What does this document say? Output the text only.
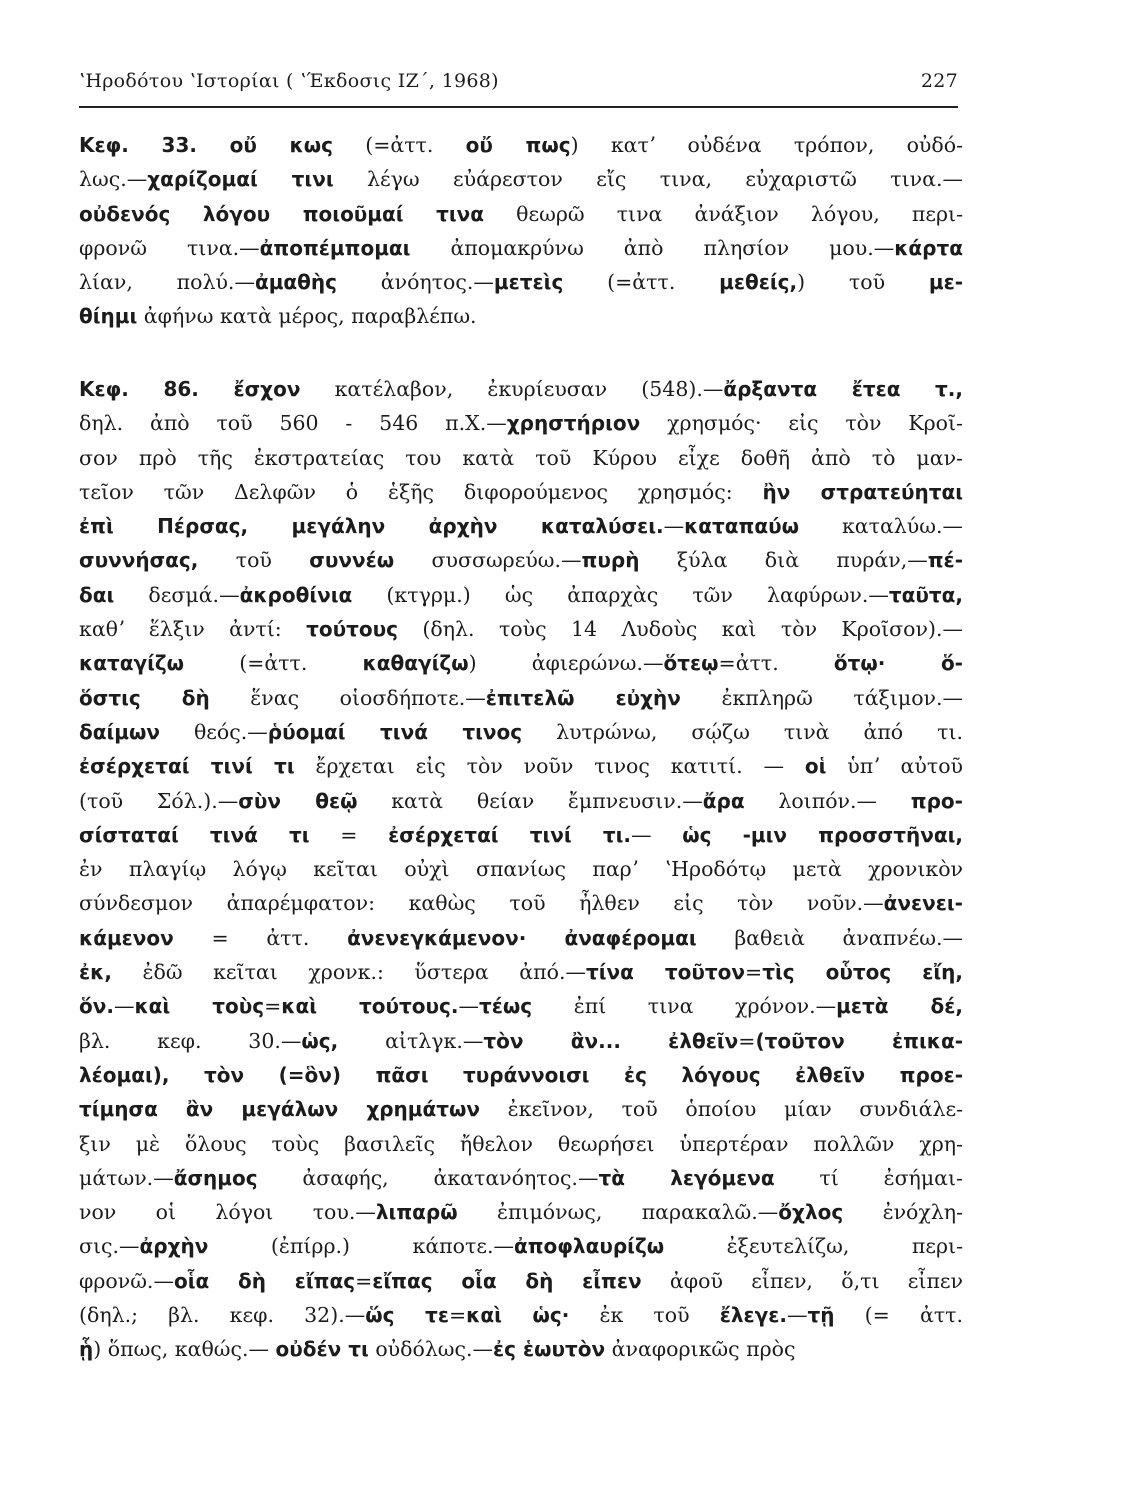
ʽΗροδότου ʽΙστορίαι ( ʽΈκδοσις ΙΖ΄, 1968)	227
Κεφ. 33. οὔ κως (=ἀττ. οὔ πως) κατʼ οὐδένα τρόπον, οὐδό-
λως.—χαρίζομαί τινι λέγω εὐάρεστον εἴς τινα, εὐχαριστῶ τινα.—
οὐδενός λόγου ποιοῦμαί τινα θεωρῶ τινα ἀνάξιον λόγου, περι-
φρονῶ τινα.—ἀποπέμπομαι ἀπομακρύνω ἀπὸ πλησίον μου.—κάρτα
λίαν, πολύ.—ἀμαθὴς ἀνόητος.—μετεὶς (=ἀττ. μεθείς,) τοῦ με-
θίημι ἀφήνω κατὰ μέρος, παραβλέπω.
Κεφ. 86. ἔσχον κατέλαβον, ἐκυρίευσαν (548).—ἄρξαντα ἔτεα τ.,
δηλ. ἀπὸ τοῦ 560 - 546 π.Χ.—χρηστήριον χρησμός· εἰς τὸν Κροῖ-
σον πρὸ τῆς ἐκστρατείας του κατὰ τοῦ Κύρου εἶχε δοθῆ ἀπὸ τὸ μαν-
τεῖον τῶν Δελφῶν ὁ ἑξῆς διφορούμενος χρησμός: ἢν στρατεύηται
ἐπὶ Πέρσας, μεγάλην ἀρχὴν καταλύσει.—καταπαύω καταλύω.—
συννήσας, τοῦ συννέω συσσωρεύω.—πυρὴ ξύλα διὰ πυράν,—πέ-
δαι δεσμά.—ἀκροθίνια (κτγρμ.) ὡς ἀπαρχὰς τῶν λαφύρων.—ταῦτα,
καθʼ ἕλξιν ἀντί: τούτους (δηλ. τοὺς 14 Λυδοὺς καὶ τὸν Κροῖσον).—
καταγίζω (=ἀττ. καθαγίζω) ἀφιερώνω.—ὅτεῳ=ἀττ. ὅτῳ· ὅ-
ὅστις δὴ ἕνας οἱοσδήποτε.—ἐπιτελῶ εὐχὴν ἐκπληρῶ τάξιμον.—
δαίμων θεός.—ῥύομαί τινά τινος λυτρώνω, σῴζω τινὰ ἀπό τι.
ἐσέρχεταί τινί τι ἔρχεται εἰς τὸν νοῦν τινος κατιτί. — οἱ ὑπʼ αὐτοῦ
(τοῦ Σόλ.).—σὺν θεῷ κατὰ θείαν ἔμπνευσιν.—ἄρα λοιπόν.— προ-
σίσταταί τινά τι = ἐσέρχεταί τινί τι.— ὡς -μιν προσστῆναι,
ἐν πλαγίῳ λόγῳ κεῖται οὐχὶ σπανίως παρʼ ʽΗροδότῳ μετὰ χρονικὸν
σύνδεσμον ἀπαρέμφατον: καθὼς τοῦ ἦλθεν εἰς τὸν νοῦν.—ἀνενει-
κάμενον = ἀττ. ἀνενεγκάμενον· ἀναφέρομαι βαθειὰ ἀναπνέω.—
ἐκ, ἐδῶ κεῖται χρονκ.: ὕστερα ἀπό.—τίνα τοῦτον=τὶς οὗτος εἴη,
ὅν.—καὶ τοὺς=καὶ τούτους.—τέως ἐπί τινα χρόνον.—μετὰ δέ,
βλ. κεφ. 30.—ὡς, αἰτλγκ.—τὸν ἂν... ἐλθεῖν=(τοῦτον ἐπικα-
λέομαι), τὸν (=ὃν) πᾶσι τυράννοισι ἐς λόγους ἐλθεῖν προε-
τίμησα ἂν μεγάλων χρημάτων ἐκεῖνον, τοῦ ὁποίου μίαν συνδιάλε-
ξιν μὲ ὅλους τοὺς βασιλεῖς ἤθελον θεωρήσει ὑπερτέραν πολλῶν χρη-
μάτων.—ἄσημος ἀσαφής, ἀκατανόητος.—τὰ λεγόμενα τί ἐσήμαι-
νον οἱ λόγοι του.—λιπαρῶ ἐπιμόνως, παρακαλῶ.—ὄχλος ἐνόχλη-
σις.—ἀρχὴν (ἐπίρρ.) κάποτε.—ἀποφλαυρίζω ἐξευτελίζω, περι-
φρονῶ.—οἷα δὴ εἴπας=εἴπας οἷα δὴ εἶπεν ἀφοῦ εἶπεν, ὅ,τι εἶπεν
(δηλ.; βλ. κεφ. 32).—ὥς τε=καὶ ὡς· ἐκ τοῦ ἔλεγε.—τῇ (= ἀττ.
ᾗ) ὅπως, καθώς.— οὐδέν τι οὐδόλως.—ἐς ἑωυτὸν ἀναφορικῶς πρὸς
